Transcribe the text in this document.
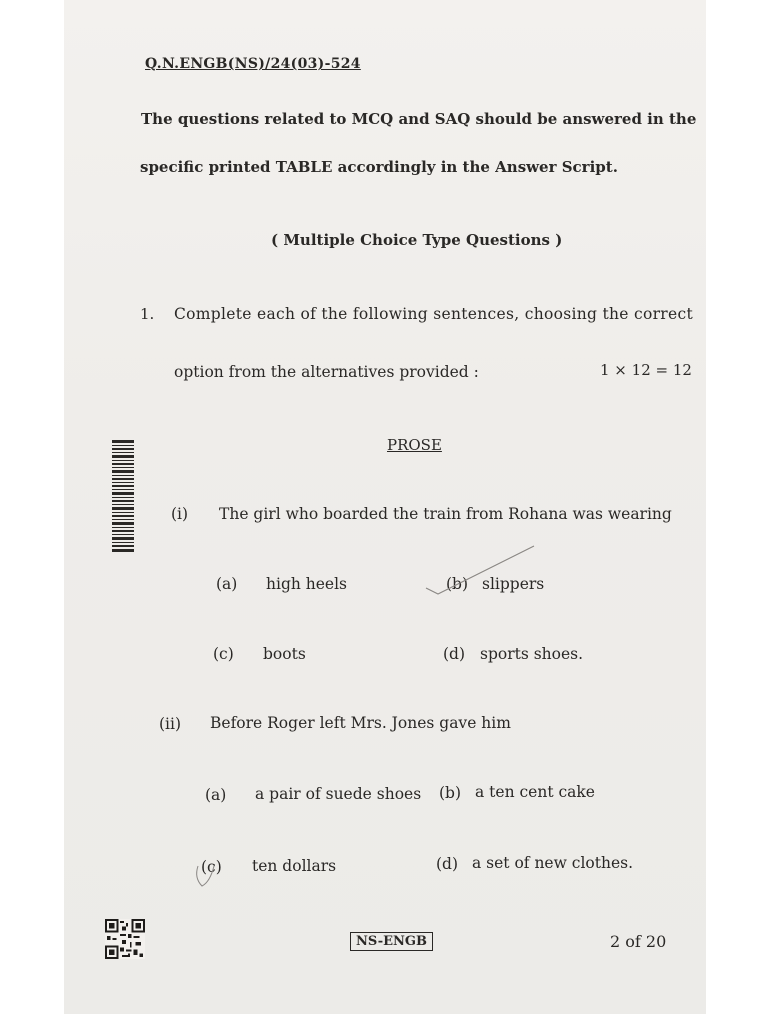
Q.N.ENGB(NS)/24(03)-524
The questions related to MCQ and SAQ should be answered in the
specific printed TABLE accordingly in the Answer Script.
( Multiple Choice Type Questions )
1. Complete each of the following sentences, choosing the correct
option from the alternatives provided :	1 × 12 = 12
PROSE
(i) The girl who boarded the train from Rohana was wearing
(a) high heels	(b) slippers
(c) boots	(d) sports shoes.
(ii) Before Roger left Mrs. Jones gave him
(a) a pair of suede shoes (b) a ten cent cake
(c) ten dollars	(d) a set of new clothes.
NS-ENGB	2 of 20
